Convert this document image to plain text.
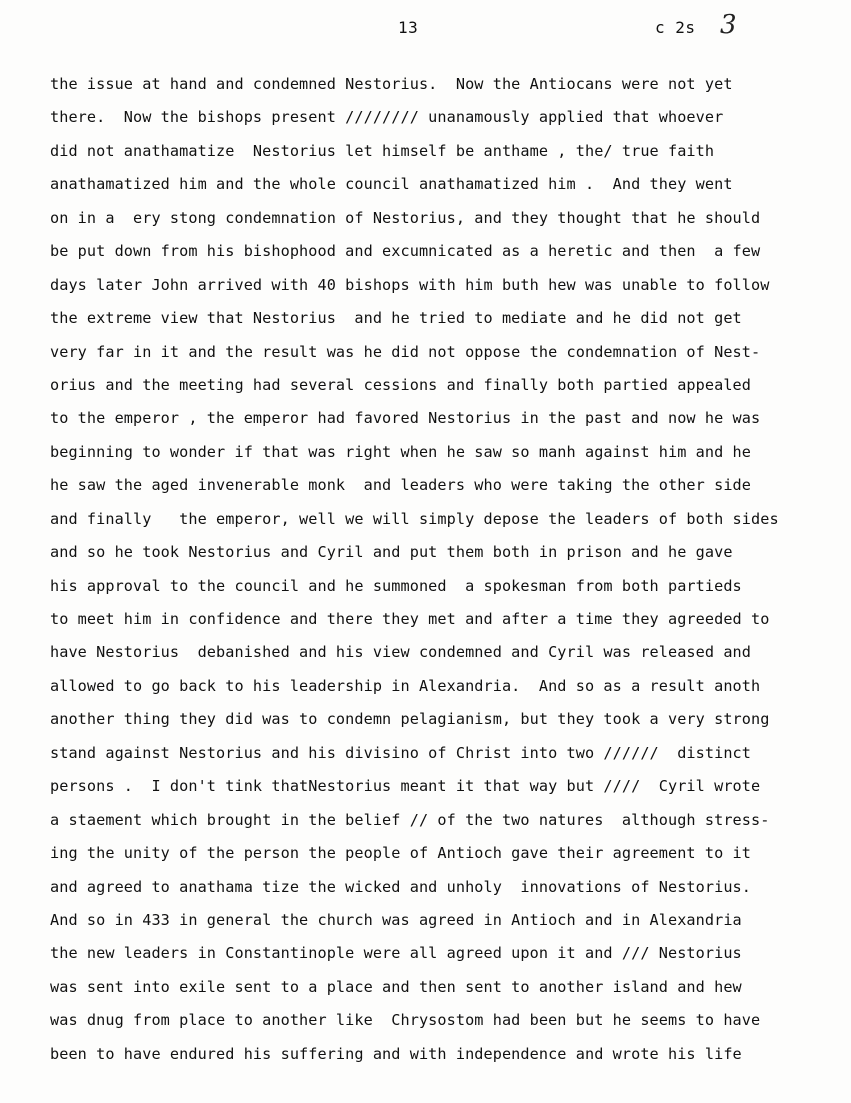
13	c 2s 3
the issue at hand and condemned Nestorius.  Now the Antiocans were not yet
there.  Now the bishops present //////// unanamously applied that whoever
did not anathamatize  Nestorius let himself be anthame , the/ true faith
anathamatized him and the whole council anathamatized him .  And they went
on in a  ery stong condemnation of Nestorius, and they thought that he should
be put down from his bishophood and excumnicated as a heretic and then  a few
days later John arrived with 40 bishops with him buth hew was unable to follow
the extreme view that Nestorius  and he tried to mediate and he did not get
very far in it and the result was he did not oppose the condemnation of Nest-
orius and the meeting had several cessions and finally both partied appealed
to the emperor , the emperor had favored Nestorius in the past and now he was
beginning to wonder if that was right when he saw so manh against him and he
he saw the aged invenerable monk  and leaders who were taking the other side
and finally   the emperor, well we will simply depose the leaders of both sides
and so he took Nestorius and Cyril and put them both in prison and he gave
his approval to the council and he summoned  a spokesman from both partieds
to meet him in confidence and there they met and after a time they agreeded to
have Nestorius  debanished and his view condemned and Cyril was released and
allowed to go back to his leadership in Alexandria.  And so as a result anoth
another thing they did was to condemn pelagianism, but they took a very strong
stand against Nestorius and his divisino of Christ into two //////  distinct
persons .  I don't tink thatNestorius meant it that way but ////  Cyril wrote
a staement which brought in the belief // of the two natures  although stress-
ing the unity of the person the people of Antioch gave their agreement to it
and agreed to anathama tize the wicked and unholy  innovations of Nestorius.
And so in 433 in general the church was agreed in Antioch and in Alexandria
the new leaders in Constantinople were all agreed upon it and /// Nestorius
was sent into exile sent to a place and then sent to another island and hew
was dnug from place to another like  Chrysostom had been but he seems to have
been to have endured his suffering and with independence and wrote his life
